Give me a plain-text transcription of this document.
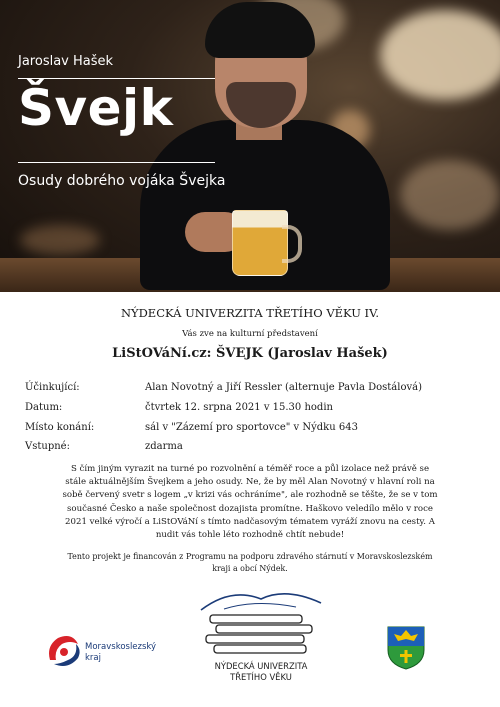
Jaroslav Hašek
Švejk
Osudy dobrého vojáka Švejka
NÝDECKÁ UNIVERZITA TŘETÍHO VĚKU IV.
Vás zve na kulturní představení
LiStOVáNí.cz: ŠVEJK (Jaroslav Hašek)
Účinkující:	Alan Novotný a Jiří Ressler (alternuje Pavla Dostálová)
Datum:	čtvrtek 12. srpna 2021 v 15.30 hodin
Místo konání:	sál v "Zázemí pro sportovce" v Nýdku 643
Vstupné:	zdarma
S čím jiným vyrazit na turné po rozvolnění a téměř roce a půl izolace než právě se
stále aktuálnějším Švejkem a jeho osudy. Ne, že by měl Alan Novotný v hlavní roli na
sobě červený svetr s logem „v krizi vás ochráníme", ale rozhodně se těšte, že se v tom
současné Česko a naše společnost dozajista promítne. Haškovo veledílo mělo v roce
2021 velké výročí a LiStOVáNí s tímto nadčasovým tématem vyráží znovu na cesty. A
nudit vás tohle léto rozhodně chtít nebude!
Tento projekt je financován z Programu na podporu zdravého stárnutí v Moravskoslezském
kraji a obcí Nýdek.
Moravskoslezský
kraj
NÝDECKÁ UNIVERZITA
TŘETÍHO VĚKU
